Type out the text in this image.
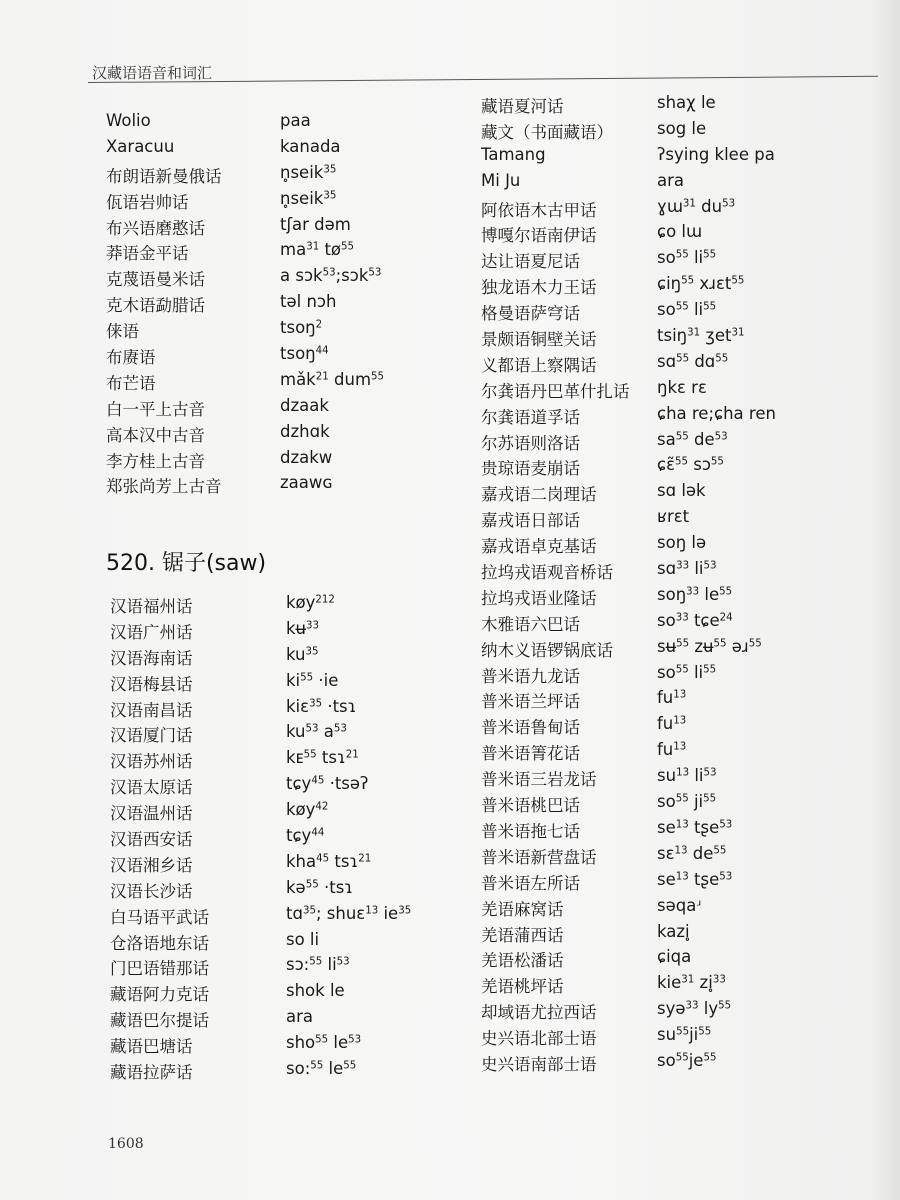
汉藏语语音和词汇
Wolio	paa
Xaracuu	kanada
布朗语新曼俄话	n̥seik$^{35}$
佤语岩帅话	n̥seik$^{35}$
布兴语磨憨话	tʃar dəm
莽语金平话	$ma^{31}$ $tø^{55}$
克蔑语曼米话	a sɔk$^{53}$;sɔk$^{53}$
克木语勐腊话	təl nɔh
俫语	tsoŋ$^2$
布赓语	tsoŋ$^{44}$
布芒语	mǎk$^{21}$ dum$^{55}$
白一平上古音	dzaak
高本汉中古音	dzhɑk
李方桂上古音	dzakw
郑张尚芳上古音	zaawɢ
520. 锯子(saw)
汉语福州话	køy$^{212}$
汉语广州话	kʉ$^{33}$
汉语海南话	$ku^{35}$
汉语梅县话	$ki^{55} \cdot ie$
汉语南昌话	kiɛ$^{35}$ ·tsɿ
汉语厦门话	$ku^{53}$ $a^{53}$
汉语苏州话	kᴇ$^{55}$ tsɿ$^{21}$
汉语太原话	tɕy$^{45}$ ·tsəʔ
汉语温州话	køy$^{42}$
汉语西安话	tɕy$^{44}$
汉语湘乡话	kha$^{45}$ tsɿ$^{21}$
汉语长沙话	kə$^{55}$ ·tsɿ
白马语平武话	tɑ$^{35}$; shuɛ$^{13}$ $ie^{35}$
仓洛语地东话	so li
门巴语错那话	sɔ:$^{55}$ $li^{53}$
藏语阿力克话	shok le
藏语巴尔提话	ara
藏语巴塘话	sho$^{55}$ $le^{53}$
藏语拉萨话	so:$^{55}$ $le^{55}$
藏语夏河话	shaχ le
藏文（书面藏语）	sog le
Tamang	ʔsying klee pa
Mi Ju	ara
阿依语木古甲话	ɣɯ$^{31}$ $du^{53}$
博嘎尔语南伊话	ɕo lɯ
达让语夏尼话	$so^{55}$ $li^{55}$
独龙语木力王话	ɕiŋ$^{55}$ xɹɛt$^{55}$
格曼语萨穹话	$so^{55}$ $li^{55}$
景颇语铜壁关话	tsiŋ$^{31}$ ʒet$^{31}$
义都语上察隅话	sɑ$^{55}$ dɑ$^{55}$
尔龚语丹巴革什扎话 ŋkɛ rɛ
尔龚语道孚话	ɕha re;ɕha ren
尔苏语则洛话	$sa^{55}$ $de^{53}$
贵琼语麦崩话	ɕɛ̃$^{55}$ sɔ$^{55}$
嘉戎语二岗理话	sɑ lək
嘉戎语日部话	ʁrɛt
嘉戎语卓克基话	soŋ lə
拉坞戎语观音桥话	sɑ$^{33}$ $li^{53}$
拉坞戎语业隆话	soŋ$^{33}$ $le^{55}$
木雅语六巴话	$so^{33}$ tɕe$^{24}$
纳木义语锣锅底话	sʉ$^{55}$ zʉ$^{55}$ əɹ$^{55}$
普米语九龙话	$so^{55}$ $li^{55}$
普米语兰坪话	$fu^{13}$
普米语鲁甸话	$fu^{13}$
普米语箐花话	$fu^{13}$
普米语三岩龙话	$su^{13}$ $li^{53}$
普米语桃巴话	$so^{55}$ $ji^{55}$
普米语拖七话	$se^{13}$ tʂe$^{53}$
普米语新营盘话	sɛ$^{13}$ $de^{55}$
普米语左所话	$se^{13}$ tʂe$^{53}$
羌语麻窝话	səqaʴ
羌语蒲西话	kazi̥
羌语松潘话	ɕiqa
羌语桃坪话	kie$^{31}$ zi̥$^{33}$
却域语尤拉西话	syə$^{33}$ $ly^{55}$
史兴语北部士语	$su^{55}ji^{55}$
史兴语南部士语	$so^{55}je^{55}$
1608
